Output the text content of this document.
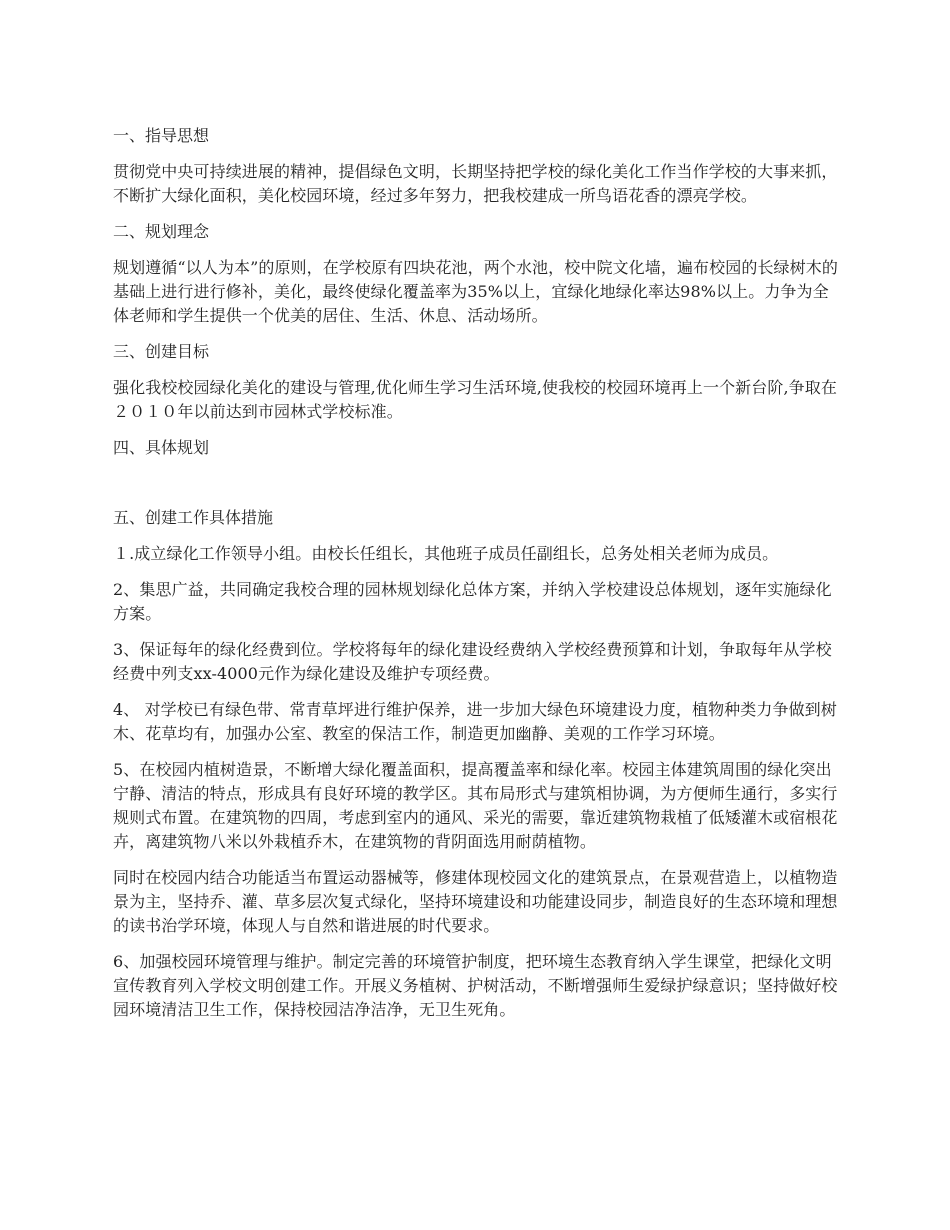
一、指导思想
贯彻党中央可持续进展的精神，提倡绿色文明，长期坚持把学校的绿化美化工作当作学校的大事来抓，不断扩大绿化面积，美化校园环境，经过多年努力，把我校建成一所鸟语花香的漂亮学校。
二、规划理念
规划遵循“以人为本”的原则，在学校原有四块花池，两个水池，校中院文化墙，遍布校园的长绿树木的基础上进行进行修补，美化，最终使绿化覆盖率为35%以上，宜绿化地绿化率达98%以上。力争为全体老师和学生提供一个优美的居住、生活、休息、活动场所。
三、创建目标
强化我校校园绿化美化的建设与管理,优化师生学习生活环境,使我校的校园环境再上一个新台阶,争取在２０１０年以前达到市园林式学校标准。
四、具体规划
五、创建工作具体措施
１.成立绿化工作领导小组。由校长任组长，其他班子成员任副组长，总务处相关老师为成员。
2、集思广益，共同确定我校合理的园林规划绿化总体方案，并纳入学校建设总体规划，逐年实施绿化方案。
3、保证每年的绿化经费到位。学校将每年的绿化建设经费纳入学校经费预算和计划，争取每年从学校经费中列支xx-4000元作为绿化建设及维护专项经费。
4、 对学校已有绿色带、常青草坪进行维护保养，进一步加大绿色环境建设力度，植物种类力争做到树木、花草均有，加强办公室、教室的保洁工作，制造更加幽静、美观的工作学习环境。
5、在校园内植树造景，不断增大绿化覆盖面积，提高覆盖率和绿化率。校园主体建筑周围的绿化突出宁静、清洁的特点，形成具有良好环境的教学区。其布局形式与建筑相协调，为方便师生通行，多实行规则式布置。在建筑物的四周，考虑到室内的通风、采光的需要，靠近建筑物栽植了低矮灌木或宿根花卉，离建筑物八米以外栽植乔木，在建筑物的背阴面选用耐荫植物。
同时在校园内结合功能适当布置运动器械等，修建体现校园文化的建筑景点，在景观营造上，以植物造景为主，坚持乔、灌、草多层次复式绿化，坚持环境建设和功能建设同步，制造良好的生态环境和理想的读书治学环境，体现人与自然和谐进展的时代要求。
6、加强校园环境管理与维护。制定完善的环境管护制度，把环境生态教育纳入学生课堂，把绿化文明宣传教育列入学校文明创建工作。开展义务植树、护树活动，不断增强师生爱绿护绿意识；坚持做好校园环境清洁卫生工作，保持校园洁净洁净，无卫生死角。
